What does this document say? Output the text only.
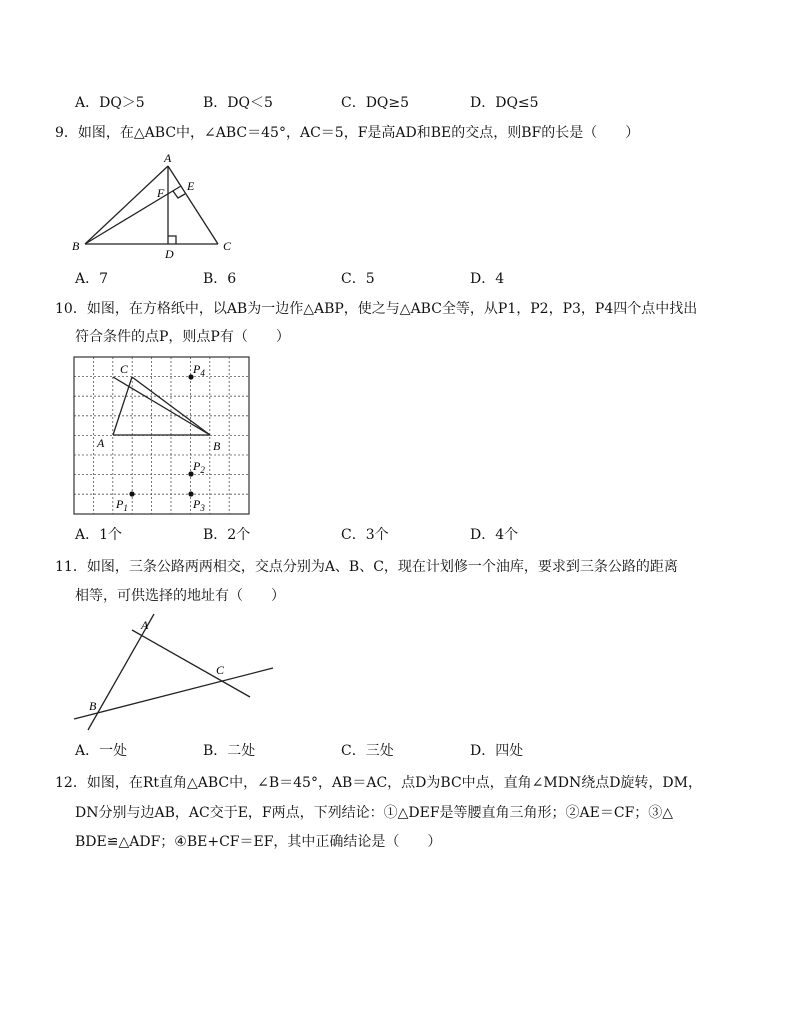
A．DQ＞5	B．DQ＜5	C．DQ≥5	D．DQ≤5
9．如图，在△ABC中，∠ABC＝45°，AC＝5，F是高AD和BE的交点，则BF的长是（　　）
A
B	C
D
E
F
A．7	B．6	C．5	D．4
10．如图，在方格纸中，以AB为一边作△ABP，使之与△ABC全等，从P1，P2，P3，P4四个点中找出
符合条件的点P，则点P有（　　）
C
A	B
$P_4$
$P_2$
$P_3$
$P_1$
A．1个	B．2个	C．3个	D．4个
11．如图，三条公路两两相交，交点分别为A、B、C，现在计划修一个油库，要求到三条公路的距离
相等，可供选择的地址有（　　）
A
B
C
A．一处	B．二处	C．三处	D．四处
12．如图，在Rt直角△ABC中，∠B＝45°，AB＝AC，点D为BC中点，直角∠MDN绕点D旋转，DM，
DN分别与边AB，AC交于E，F两点，下列结论：①△DEF是等腰直角三角形；②AE＝CF；③△
BDE≌△ADF；④BE+CF＝EF，其中正确结论是（　　）
